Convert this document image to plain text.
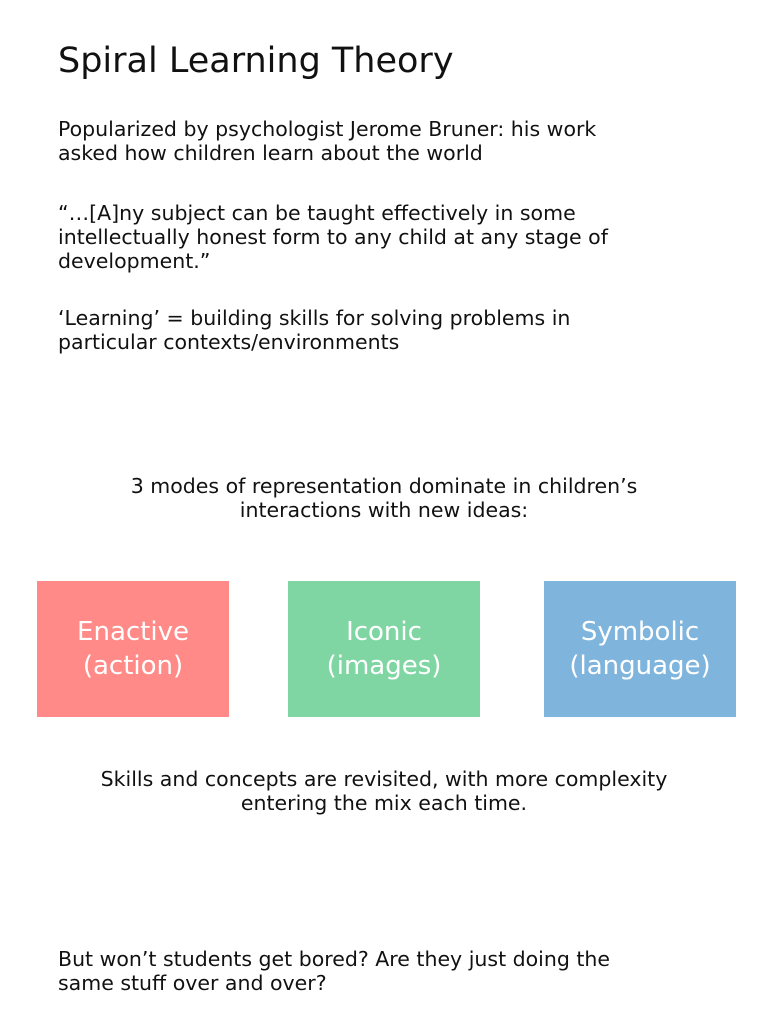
Spiral Learning Theory

Popularized by psychologist Jerome Bruner: his work
asked how children learn about the world

“…[A]ny subject can be taught effectively in some
intellectually honest form to any child at any stage of
development.”

‘Learning’ = building skills for solving problems in
particular contexts/environments

3 modes of representation dominate in children’s
interactions with new ideas:

Enactive
(action)
Iconic
(images)
Symbolic
(language)

Skills and concepts are revisited, with more complexity
entering the mix each time.

But won’t students get bored? Are they just doing the
same stuff over and over?
